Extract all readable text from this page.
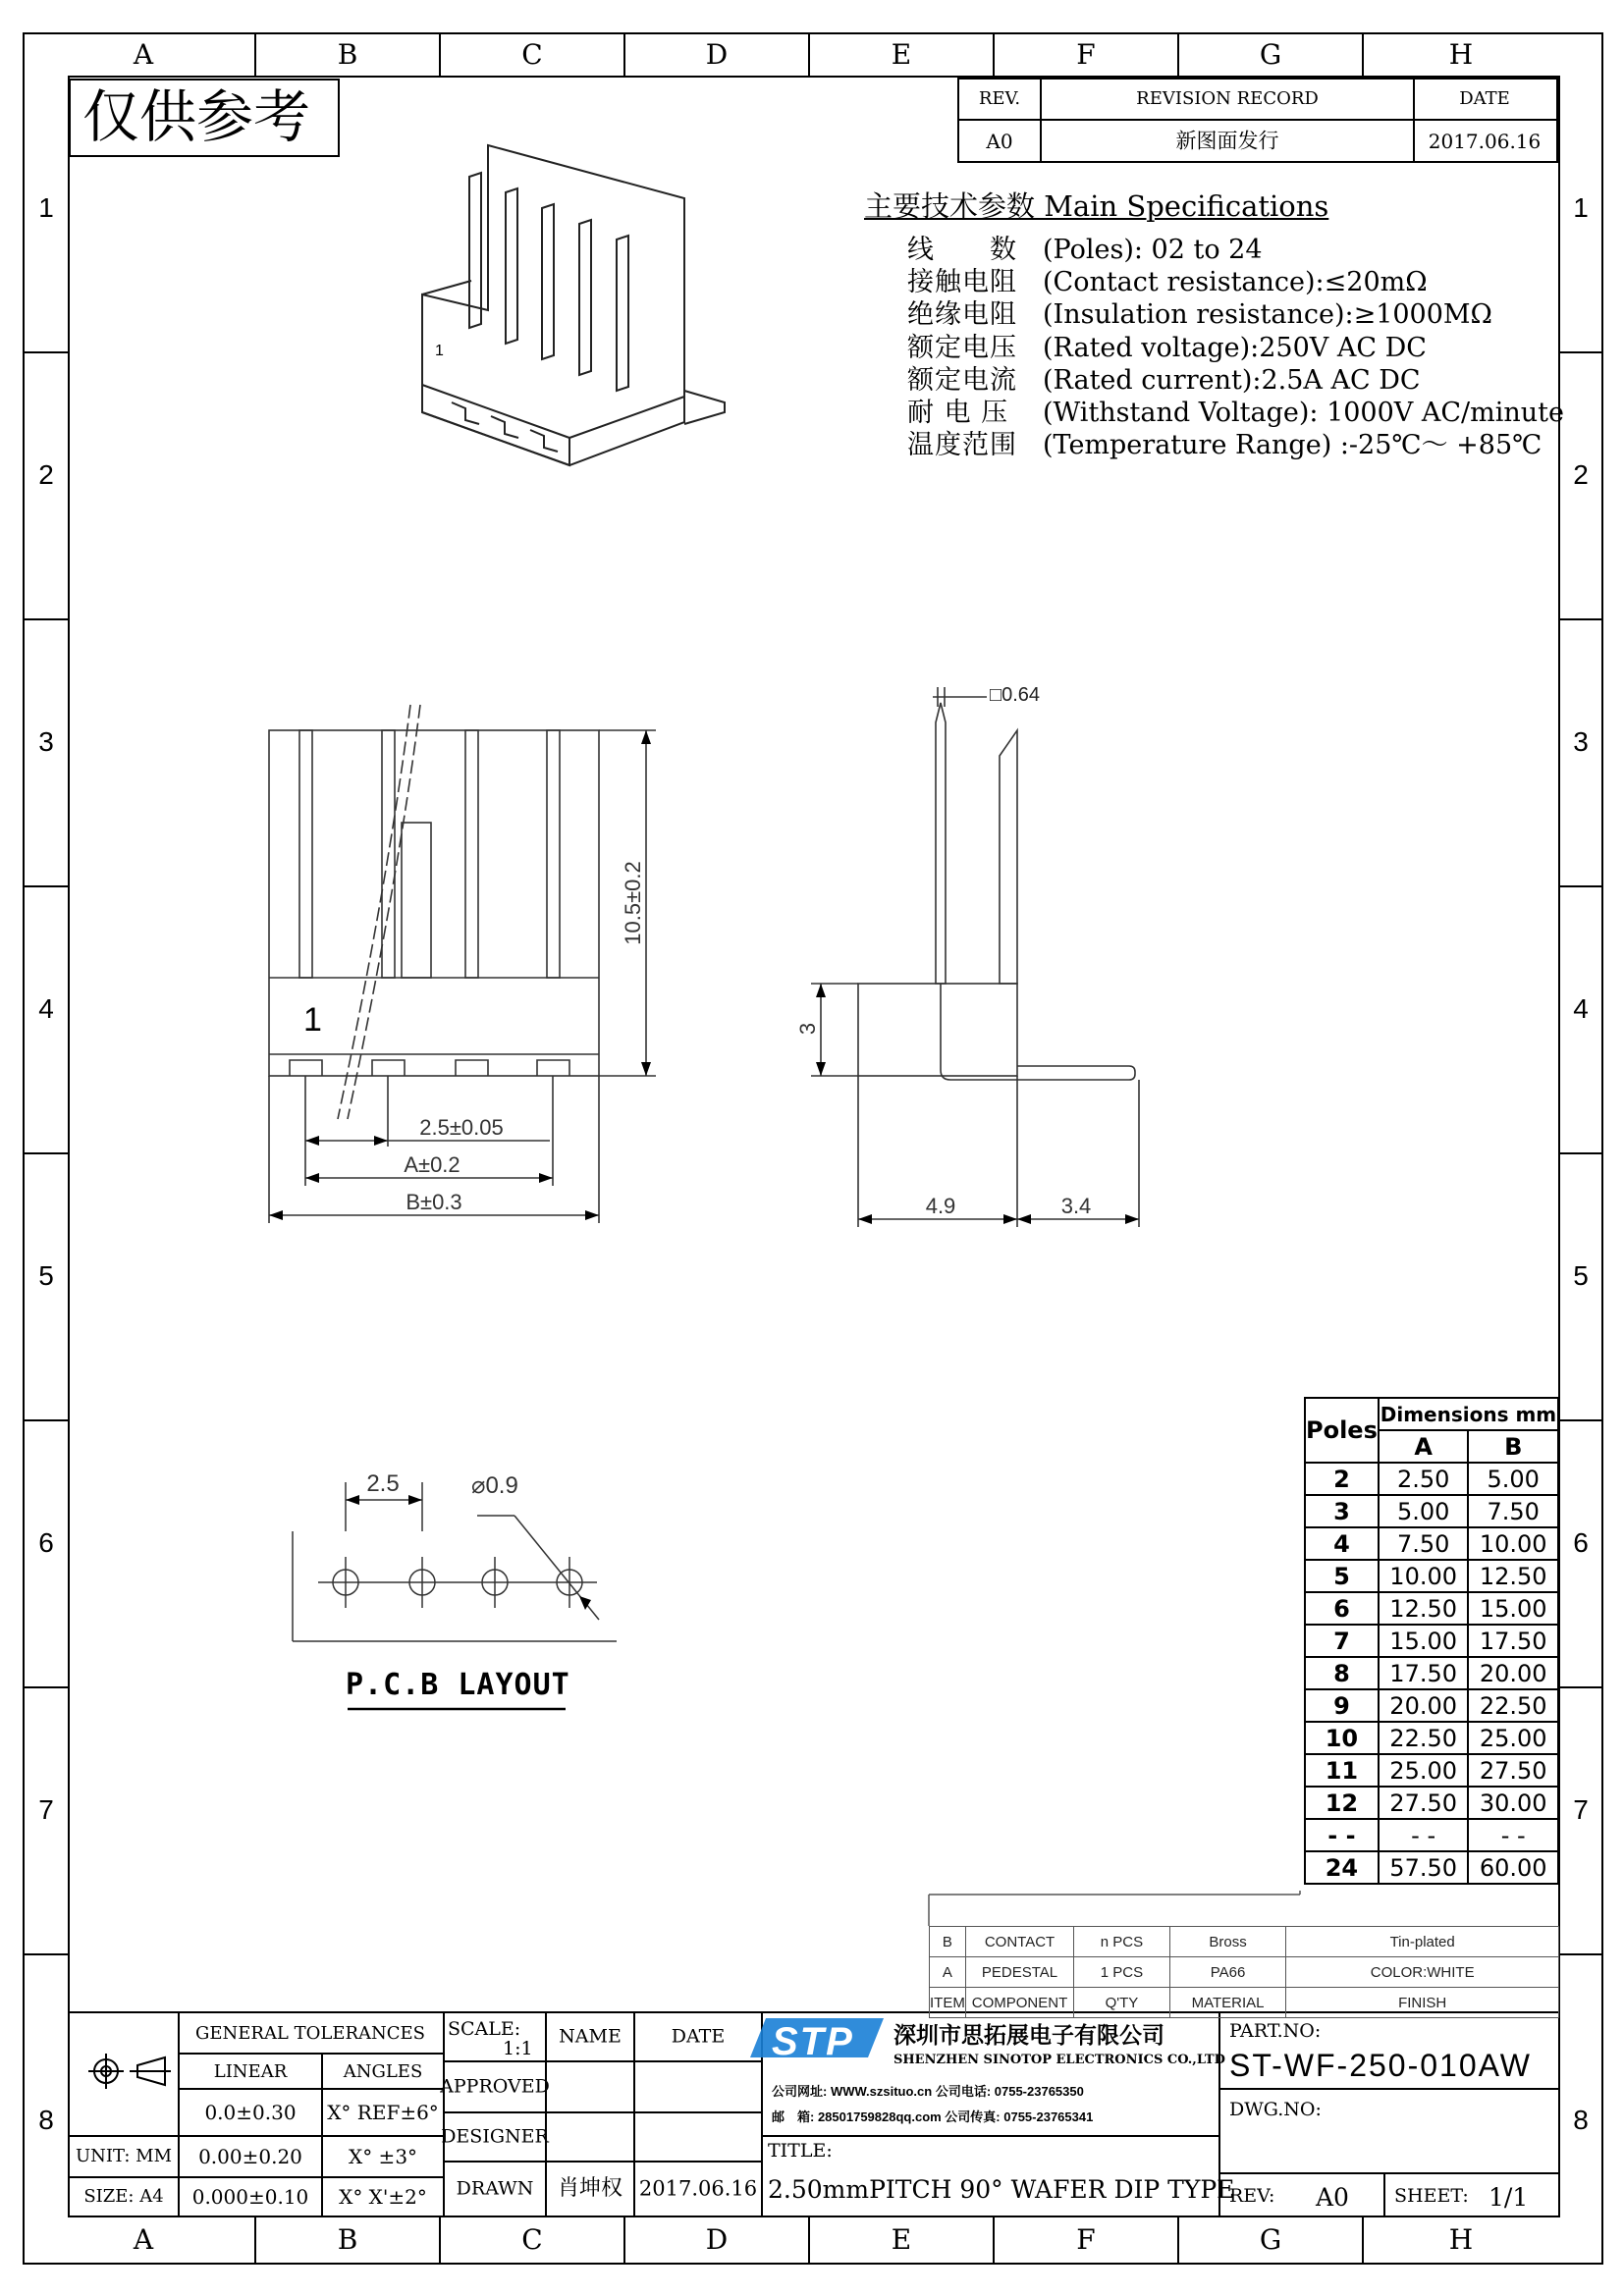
A	B	C	D	E	F	G	H
A	B	C	D	E	F	G	H
1
2
3
4
5
6
7
8
1
2
3
4
5
6
7
8
仅供参考	REV.	REVISION RECORD	DATE
A0	新图面发行	2017.06.16
主要技术参数 Main Specifications
线　　数 (Poles): 02 to 24
接触电阻 (Contact resistance):≤20mΩ
绝缘电阻 (Insulation resistance):≥1000MΩ
额定电压 (Rated voltage):250V AC DC
额定电流 (Rated current):2.5A AC DC
耐 电 压 (Withstand Voltage): 1000V AC/minute
温度范围 (Temperature Range) :-25℃～ +85℃
1
1
10.5±0.2
2.5±0.05
A±0.2
B±0.3
□0.64
3
4.9	3.4
2.5	⌀0.9
P.C.B LAYOUT
Poles	Dimensions mm	
	A	B
2	2.50	5.00
3	5.00	7.50
4	7.50	10.00
5	10.00	12.50
6	12.50	15.00
7	15.00	17.50
8	17.50	20.00
9	20.00	22.50
10	22.50	25.00
11	25.00	27.50
12	27.50	30.00
- -	- -	- -
24	57.50	60.00
B	CONTACT	n PCS	Bross	Tin-plated
A	PEDESTAL	1 PCS	PA66	COLOR:WHITE
ITEM	COMPONENT	Q'TY	MATERIAL	FINISH
GENERAL TOLERANCES
LINEAR	ANGLES
0.0±0.30 X° REF±6°
0.00±0.20 X° ±3°
0.000±0.10 X° X'±2°
UNIT: MM
SIZE: A4
SCALE:
1:1
NAME	DATE
APPROVED
DESIGNER
DRAWN 肖坤权 2017.06.16
STP 深圳市思拓展电子有限公司
SHENZHEN SINOTOP ELECTRONICS CO.,LTD
公司网址: WWW.szsituo.cn 公司电话: 0755-23765350
邮　箱: 28501759828qq.com 公司传真: 0755-23765341
TITLE:
2.50mmPITCH 90° WAFER DIP TYPE
PART.NO:
ST-WF-250-010AW
DWG.NO:
REV: A0 SHEET: 1/1
